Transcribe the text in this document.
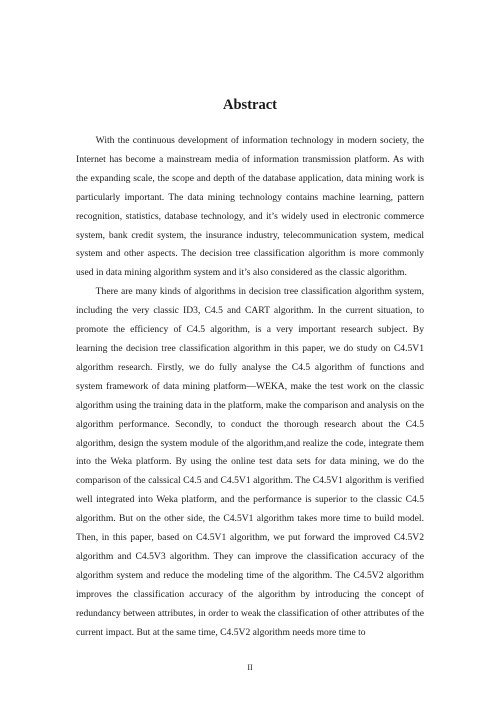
Abstract

With the continuous development of information technology in modern society, the Internet has become a mainstream media of information transmission platform. As with the expanding scale, the scope and depth of the database application, data mining work is particularly important. The data mining technology contains machine learning, pattern recognition, statistics, database technology, and it’s widely used in electronic commerce system, bank credit system, the insurance industry, telecommunication system, medical system and other aspects. The decision tree classification algorithm is more commonly used in data mining algorithm system and it’s also considered as the classic algorithm.

There are many kinds of algorithms in decision tree classification algorithm system, including the very classic ID3, C4.5 and CART algorithm. In the current situation, to promote the efficiency of C4.5 algorithm, is a very important research subject. By learning the decision tree classification algorithm in this paper, we do study on C4.5V1 algorithm research. Firstly, we do fully analyse the C4.5 algorithm of functions and system framework of data mining platform—WEKA, make the test work on the classic algorithm using the training data in the platform, make the comparison and analysis on the algorithm performance. Secondly, to conduct the thorough research about the C4.5 algorithm, design the system module of the algorithm,and realize the code, integrate them into the Weka platform. By using the online test data sets for data mining, we do the comparison of the calssical C4.5 and C4.5V1 algorithm. The C4.5V1 algorithm is verified well integrated into Weka platform, and the performance is superior to the classic C4.5 algorithm. But on the other side, the C4.5V1 algorithm takes more time to build model. Then, in this paper, based on C4.5V1 algorithm, we put forward the improved C4.5V2 algorithm and C4.5V3 algorithm. They can improve the classification accuracy of the algorithm system and reduce the modeling time of the algorithm. The C4.5V2 algorithm improves the classification accuracy of the algorithm by introducing the concept of redundancy between attributes, in order to weak the classification of other attributes of the current impact. But at the same time, C4.5V2 algorithm needs more time to

II
